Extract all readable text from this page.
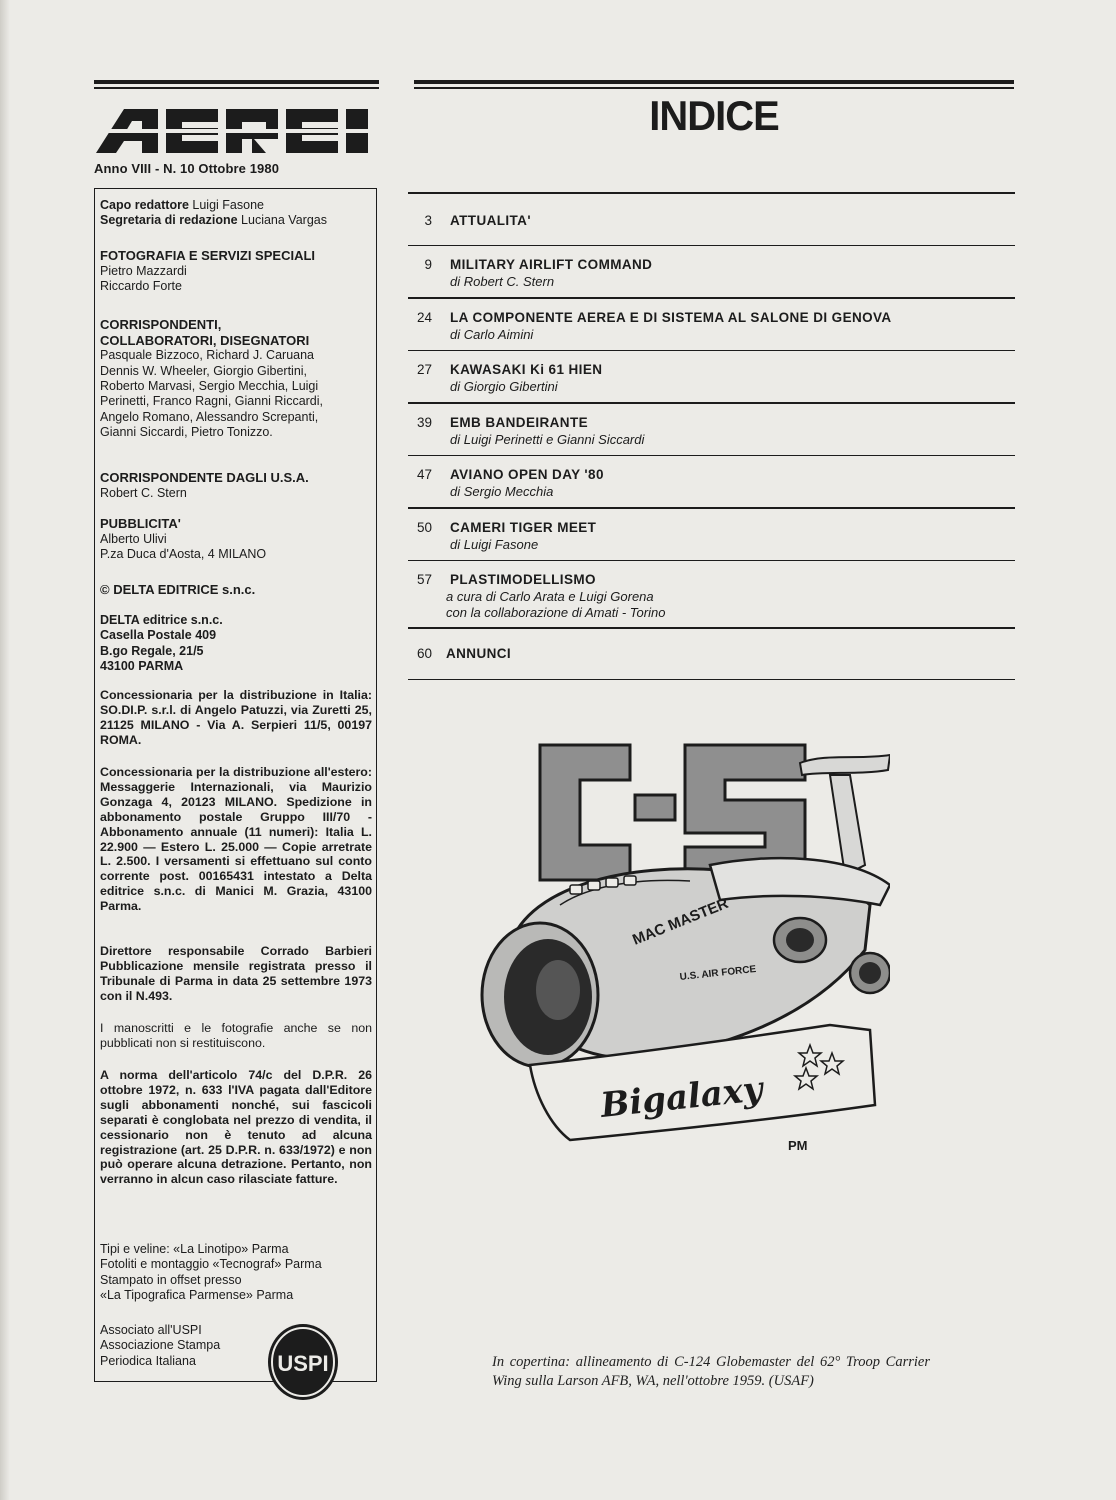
Anno VIII - N. 10 Ottobre 1980
Capo redattore Luigi Fasone
Segretaria di redazione Luciana Vargas
FOTOGRAFIA E SERVIZI SPECIALI
Pietro Mazzardi
Riccardo Forte
CORRISPONDENTI,
COLLABORATORI, DISEGNATORI
Pasquale Bizzoco, Richard J. Caruana
Dennis W. Wheeler, Giorgio Gibertini,
Roberto Marvasi, Sergio Mecchia, Luigi
Perinetti, Franco Ragni, Gianni Riccardi,
Angelo Romano, Alessandro Screpanti,
Gianni Siccardi, Pietro Tonizzo.
CORRISPONDENTE DAGLI U.S.A.
Robert C. Stern
PUBBLICITA'
Alberto Ulivi
P.za Duca d'Aosta, 4 MILANO
© DELTA EDITRICE s.n.c.
DELTA editrice s.n.c.
Casella Postale 409
B.go Regale, 21/5
43100 PARMA
Concessionaria per la distribuzione in Italia: SO.DI.P. s.r.l. di Angelo Patuzzi, via Zuretti 25, 21125 MILANO - Via A. Serpieri 11/5, 00197 ROMA.
Concessionaria per la distribuzione all'estero: Messaggerie Internazionali, via Maurizio Gonzaga 4, 20123 MILANO. Spedizione in abbonamento postale Gruppo III/70 - Abbonamento annuale (11 numeri): Italia L. 22.900 — Estero L. 25.000 — Copie arretrate L. 2.500. I versamenti si effettuano sul conto corrente post. 00165431 intestato a Delta editrice s.n.c. di Manici M. Grazia, 43100 Parma.
Direttore responsabile Corrado Barbieri Pubblicazione mensile registrata presso il Tribunale di Parma in data 25 settembre 1973 con il N.493.
I manoscritti e le fotografie anche se non pubblicati non si restituiscono.
A norma dell'articolo 74/c del D.P.R. 26 ottobre 1972, n. 633 l'IVA pagata dall'Editore sugli abbonamenti nonché, sui fascicoli separati è conglobata nel prezzo di vendita, il cessionario non è tenuto ad alcuna registrazione (art. 25 D.P.R. n. 633/1972) e non può operare alcuna detrazione. Pertanto, non verranno in alcun caso rilasciate fatture.
Tipi e veline: «La Linotipo» Parma
Fotoliti e montaggio «Tecnograf» Parma
Stampato in offset presso
«La Tipografica Parmense» Parma
Associato all'USPI
Associazione Stampa
Periodica Italiana	USPI
INDICE
3 ATTUALITA'
9 MILITARY AIRLIFT COMMAND
di Robert C. Stern
24 LA COMPONENTE AEREA E DI SISTEMA AL SALONE DI GENOVA
di Carlo Aimini
27 KAWASAKI Ki 61 HIEN
di Giorgio Gibertini
39 EMB BANDEIRANTE
di Luigi Perinetti e Gianni Siccardi
47 AVIANO OPEN DAY '80
di Sergio Mecchia
50 CAMERI TIGER MEET
di Luigi Fasone
57 PLASTIMODELLISMO
a cura di Carlo Arata e Luigi Gorena
con la collaborazione di Amati - Torino
60 ANNUNCI
MAC MASTER
U.S. AIR FORCE
Bigalaxy
PM
In copertina: allineamento di C-124 Globemaster del 62° Troop Carrier Wing sulla Larson AFB, WA, nell'ottobre 1959. (USAF)
